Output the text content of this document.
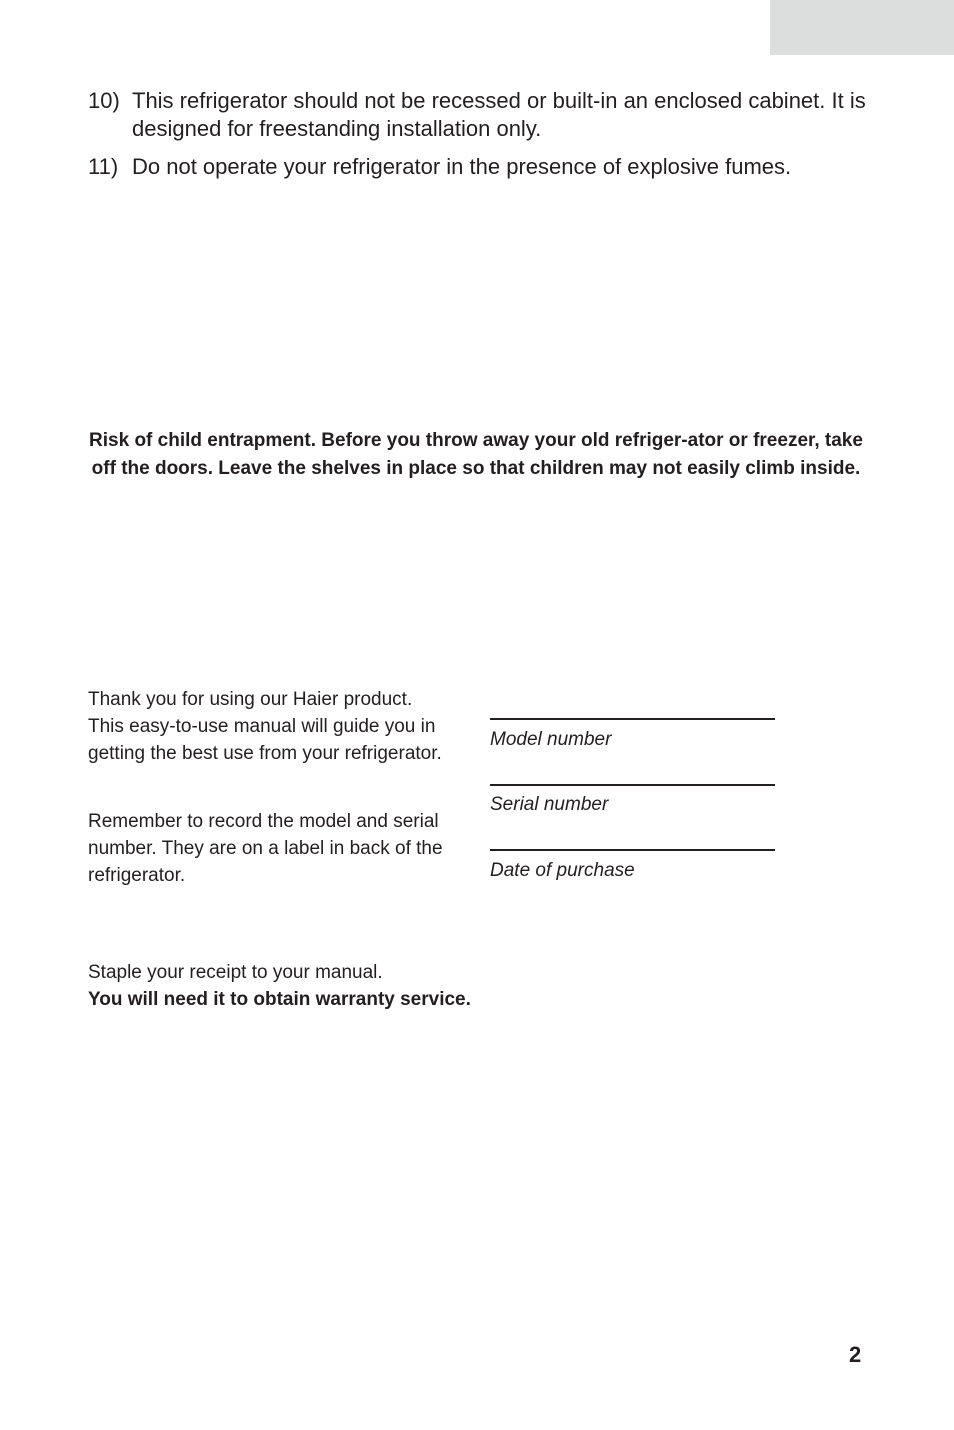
10) This refrigerator should not be recessed or built-in an enclosed cabinet. It is designed for freestanding installation only.
11) Do not operate your refrigerator in the presence of explosive fumes.
Risk of child entrapment. Before you throw away your old refriger-ator or freezer, take off the doors. Leave the shelves in place so that children may not easily climb inside.
Thank you for using our Haier product. This easy-to-use manual will guide you in getting the best use from your refrigerator.
Remember to record the model and serial number. They are on a label in back of the refrigerator.
Model number
Serial number
Date of purchase
Staple your receipt to your manual.
You will need it to obtain warranty service.
2
